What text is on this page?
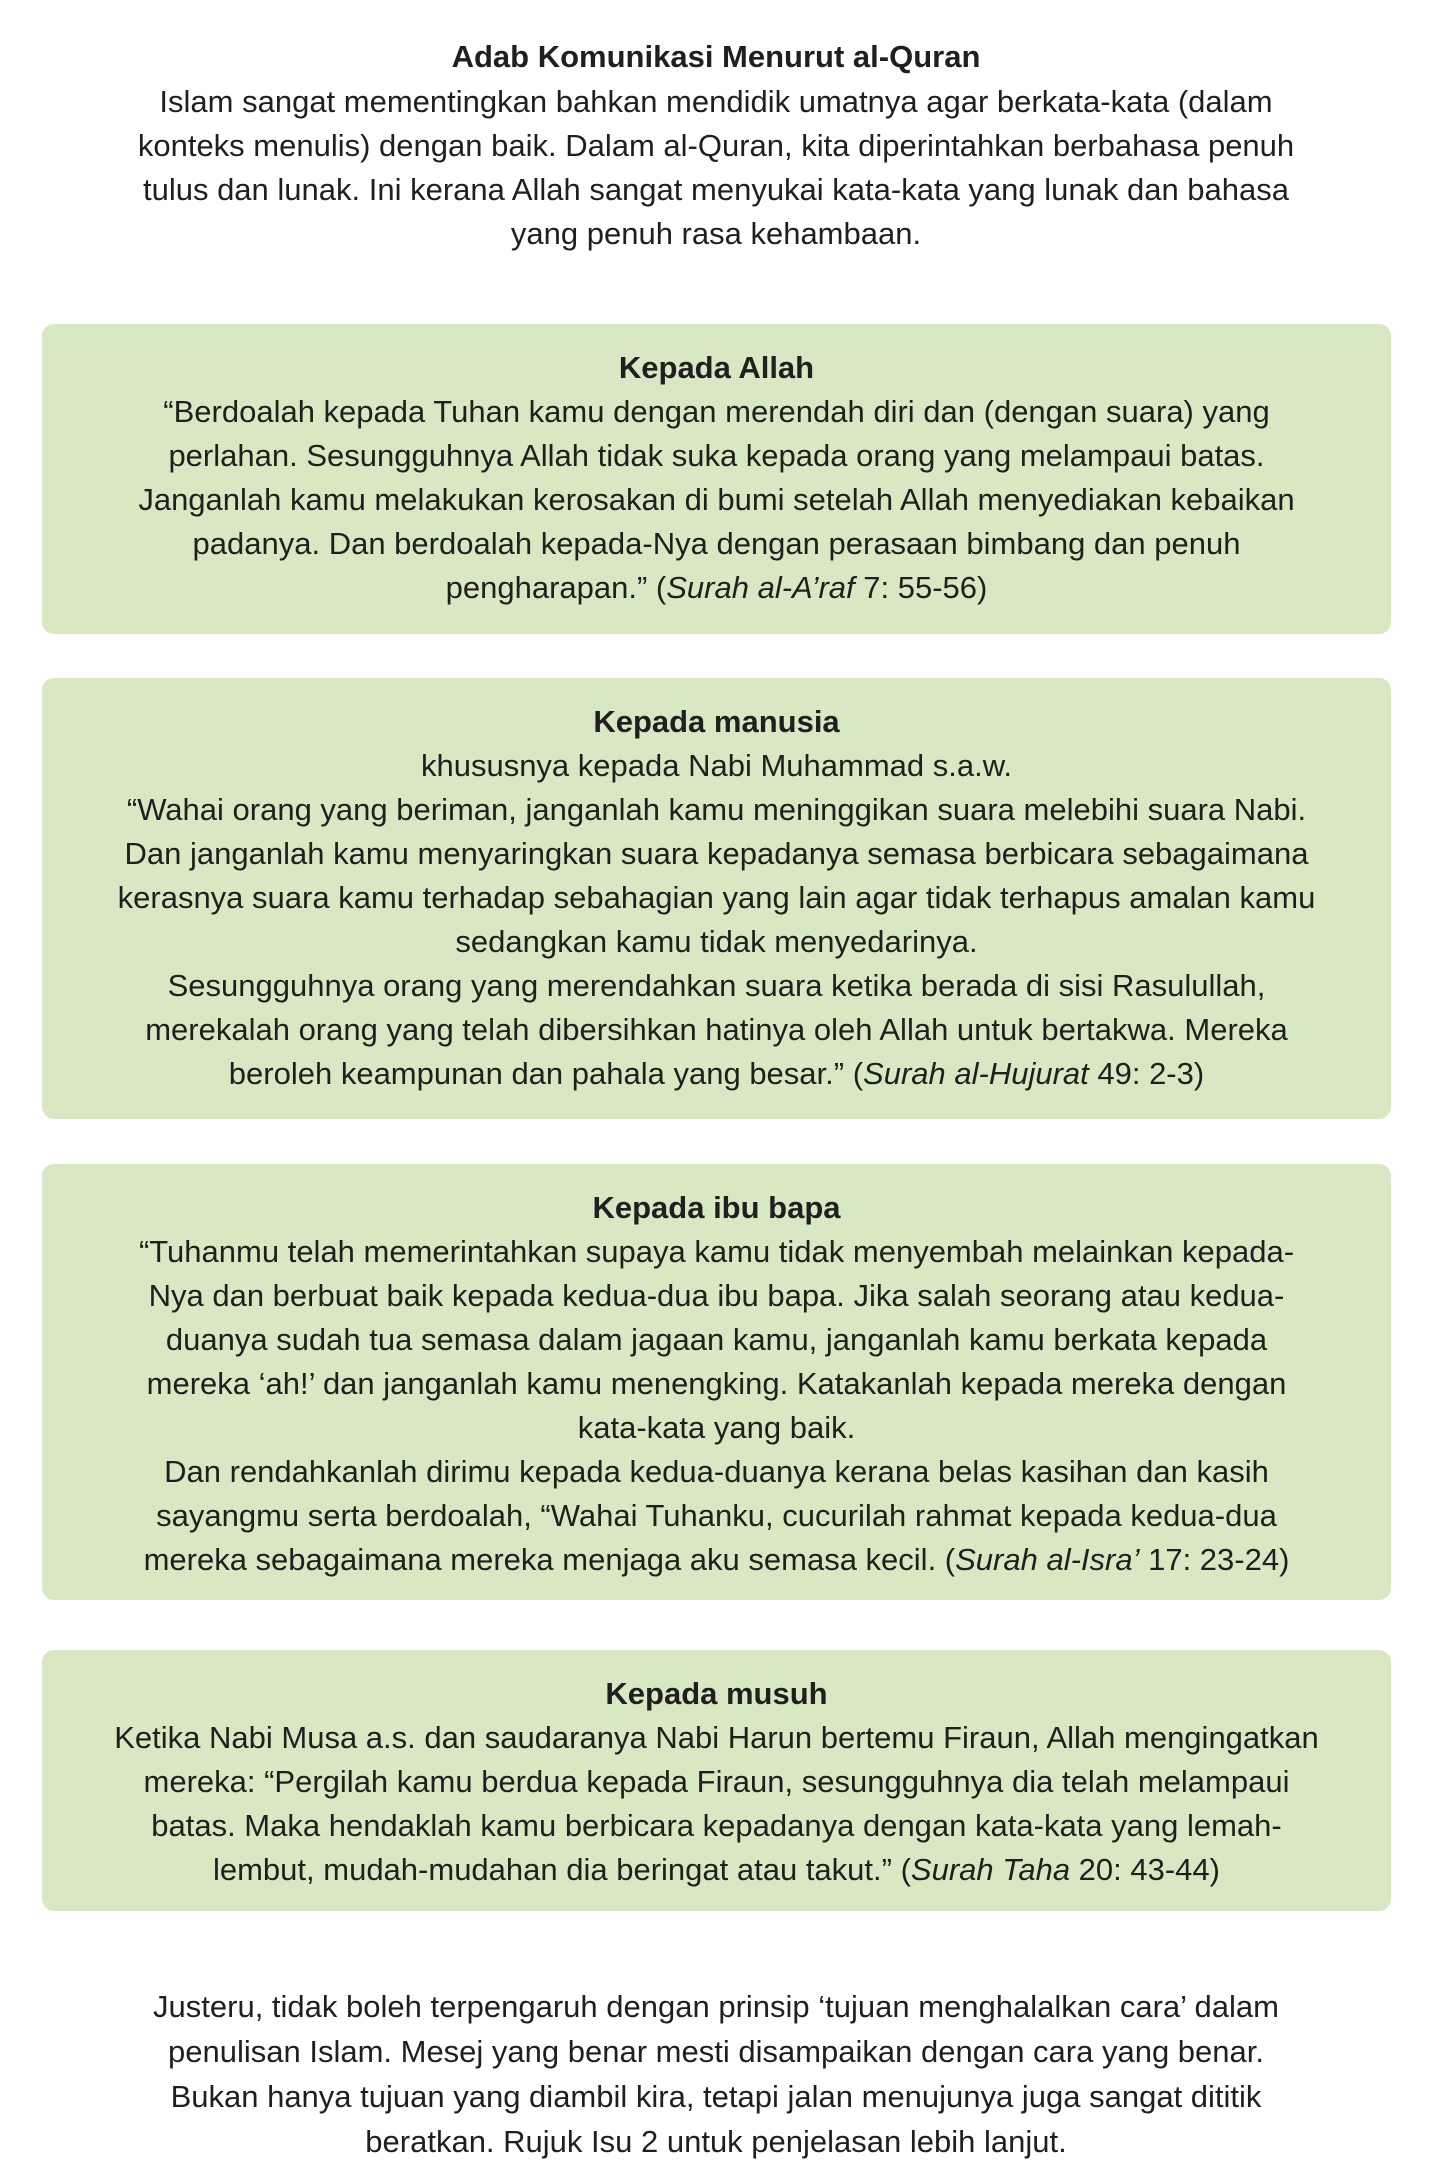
Adab Komunikasi Menurut al-Quran

Islam sangat mementingkan bahkan mendidik umatnya agar berkata-kata (dalam

konteks menulis) dengan baik. Dalam al-Quran, kita diperintahkan berbahasa penuh

tulus dan lunak. Ini kerana Allah sangat menyukai kata-kata yang lunak dan bahasa

yang penuh rasa kehambaan.

Kepada Allah

“Berdoalah kepada Tuhan kamu dengan merendah diri dan (dengan suara) yang

perlahan. Sesungguhnya Allah tidak suka kepada orang yang melampaui batas.

Janganlah kamu melakukan kerosakan di bumi setelah Allah menyediakan kebaikan

padanya. Dan berdoalah kepada-Nya dengan perasaan bimbang dan penuh

pengharapan.” (Surah al-A’raf 7: 55-56)

Kepada manusia

khususnya kepada Nabi Muhammad s.a.w.

“Wahai orang yang beriman, janganlah kamu meninggikan suara melebihi suara Nabi.

Dan janganlah kamu menyaringkan suara kepadanya semasa berbicara sebagaimana

kerasnya suara kamu terhadap sebahagian yang lain agar tidak terhapus amalan kamu

sedangkan kamu tidak menyedarinya.

Sesungguhnya orang yang merendahkan suara ketika berada di sisi Rasulullah,

merekalah orang yang telah dibersihkan hatinya oleh Allah untuk bertakwa. Mereka

beroleh keampunan dan pahala yang besar.” (Surah al-Hujurat 49: 2-3)

Kepada ibu bapa

“Tuhanmu telah memerintahkan supaya kamu tidak menyembah melainkan kepada-

Nya dan berbuat baik kepada kedua-dua ibu bapa. Jika salah seorang atau kedua-

duanya sudah tua semasa dalam jagaan kamu, janganlah kamu berkata kepada

mereka ‘ah!’ dan janganlah kamu menengking. Katakanlah kepada mereka dengan

kata-kata yang baik.

Dan rendahkanlah dirimu kepada kedua-duanya kerana belas kasihan dan kasih

sayangmu serta berdoalah, “Wahai Tuhanku, cucurilah rahmat kepada kedua-dua

mereka sebagaimana mereka menjaga aku semasa kecil. (Surah al-Isra’ 17: 23-24)

Kepada musuh

Ketika Nabi Musa a.s. dan saudaranya Nabi Harun bertemu Firaun, Allah mengingatkan

mereka: “Pergilah kamu berdua kepada Firaun, sesungguhnya dia telah melampaui

batas. Maka hendaklah kamu berbicara kepadanya dengan kata-kata yang lemah-

lembut, mudah-mudahan dia beringat atau takut.” (Surah Taha 20: 43-44)

Justeru, tidak boleh terpengaruh dengan prinsip ‘tujuan menghalalkan cara’ dalam
penulisan Islam. Mesej yang benar mesti disampaikan dengan cara yang benar.
Bukan hanya tujuan yang diambil kira, tetapi jalan menujunya juga sangat dititik
beratkan. Rujuk Isu 2 untuk penjelasan lebih lanjut.
